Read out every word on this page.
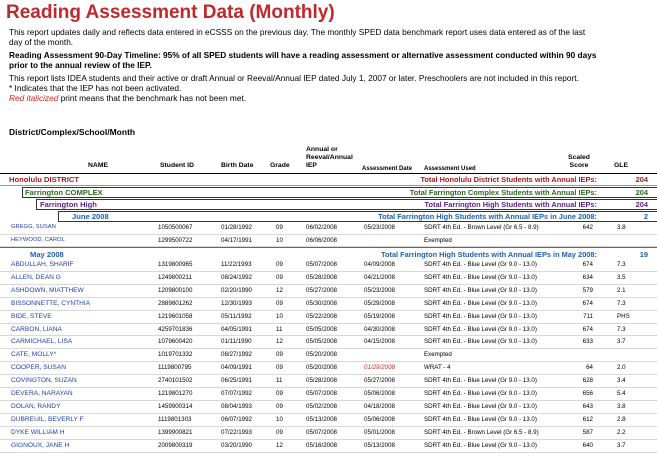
Reading Assessment Data (Monthly)
This report updates daily and reflects data entered in eCSSS on the previous day. The monthly SPED data benchmark report uses data entered as of the last
day of the month.
Reading Assessment 90-Day Timeline: 95% of all SPED students will have a reading assessment or alternative assessment conducted within 90 days
prior to the annual review of the IEP.
This report lists IDEA students and their active or draft Annual or Reeval/Annual IEP dated July 1, 2007 or later. Preschoolers are not included in this report.
* Indicates that the IEP has not been activated.
Red italicized print means that the benchmark has not been met.
District/Complex/School/Month
NAME	Student ID	Birth Date Grade
Annual or
Reeval/Annual
IEP	Assessment Date Assessment Used
Scaled
Score	GLE
Honolulu DISTRICT	Total Honolulu District Students with Annual IEPs:	204
Farrington COMPLEX	Total Farrington Complex Students with Annual IEPs:	204
Farrington High	Total Farrington High Students with Annual IEPs:	204
June 2008	Total Farrington High Students with Annual IEPs in June 2008:	2
GREGG, SUSAN	1050500067	01/28/1992	09	06/02/2008	05/23/2008	SDRT 4th Ed. - Brown Level (Gr 6.5 - 8.9)	642	3.8
HEYWOOD, CAROL	1299500722	04/17/1991	10	06/06/2008	Exempted
May 2008	Total Farrington High Students with Annual IEPs in May 2008:	19
ABDULLAH, SHARIF	1319800965	11/22/1993	09	05/07/2008	04/09/2008	SDRT 4th Ed. - Blue Level (Gr 9.0 - 13.0)	674	7.3
ALLEN, DEAN G	1249800211	08/24/1992	09	05/28/2008	04/21/2008	SDRT 4th Ed. - Blue Level (Gr 9.0 - 13.0)	634	3.5
ASHDOWN, MIATTHEW	1209800100	02/20/1990	12	05/27/2008	05/23/2008	SDRT 4th Ed. - Blue Level (Gr 9.0 - 13.0)	579	2.1
BISSONNETTE, CYNTHIA	2889801262	12/30/1993	09	05/30/2008	05/29/2008	SDRT 4th Ed. - Blue Level (Gr 9.0 - 13.0)	674	7.3
BIDE, STEVE	1219601058	05/11/1992	10	05/22/2008	05/19/2008	SDRT 4th Ed. - Blue Level (Gr 9.0 - 13.0)	711	PHS
CARBON, LIANA	4259701836	04/05/1991	11	05/05/2008	04/30/2008	SDRT 4th Ed. - Blue Level (Gr 9.0 - 13.0)	674	7.3
CARMICHAEL, LISA	1079600420	01/11/1990	12	05/05/2008	04/15/2008	SDRT 4th Ed. - Blue Level (Gr 9.0 - 13.0)	633	3.7
CATE, MOLLY*	1019701332	08/27/1992	09	05/20/2008	Exempted
COOPER, SUSAN	1119800795	04/09/1991	09	05/20/2008	01/29/2008	WRAT - 4	64	2.0
COVINGTON, SUZAN	2740101502	06/25/1991	11	05/28/2008	05/27/2008	SDRT 4th Ed. - Blue Level (Gr 9.0 - 13.0)	628	3.4
DEVERA, NARAYAN	1219801270	07/07/1992	09	05/07/2008	05/06/2008	SDRT 4th Ed. - Blue Level (Gr 9.0 - 13.0)	656	5.4
DOLAN, RANDY	1459900314	08/04/1993	09	05/02/2008	04/18/2008	SDRT 4th Ed. - Blue Level (Gr 9.0 - 13.0)	643	3.8
DUBREUIL, BEVERLY F	1119801303	06/07/1992	10	05/13/2008	05/06/2008	SDRT 4th Ed. - Blue Level (Gr 9.0 - 13.0)	612	2.8
DYKE WILLIAM H	1399900821	07/22/1993	09	05/07/2008	05/01/2008	SDRT 4th Ed. - Brown Level (Gr 6.5 - 8.9)	587	2.2
GIGNOUX, JANE H	2009800319	03/20/1990	12	05/16/2008	05/13/2008	SDRT 4th Ed. - Blue Level (Gr 9.0 - 13.0)	640	3.7
